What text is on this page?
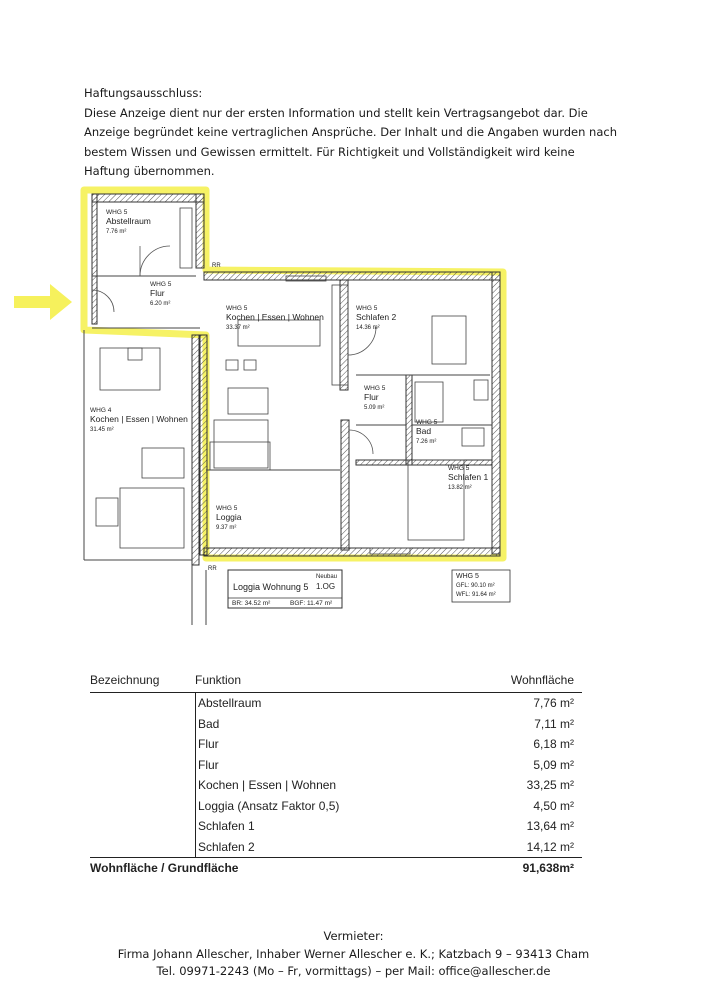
Haftungsausschluss:

Diese Anzeige dient nur der ersten Information und stellt kein Vertragsangebot dar. Die Anzeige begründet keine vertraglichen Ansprüche. Der Inhalt und die Angaben wurden nach bestem Wissen und Gewissen ermittelt. Für Richtigkeit und Vollständigkeit wird keine Haftung übernommen.

WHG 5
Abstellraum
7.76 m²
WHG 5
Flur
6.20 m²
WHG 5
Kochen | Essen | Wohnen
33.37 m²
WHG 5
Schlafen 2
14.36 m²
WHG 5
Flur
5.09 m²
WHG 5
Bad
7.26 m²
WHG 5
Schlafen 1
13.82 m²
WHG 5
Loggia
9.37 m²
WHG 4
Kochen | Essen | Wohnen
31.45 m²
RR
RR
Neubau
Loggia Wohnung 5 1.OG
BR: 34.52 m²	BGF: 11.47 m²
WHG 5
GFL: 90.10 m²
WFL: 91.64 m²
Bezeichnung	Funktion	Wohnfläche
Abstellraum	7,76 m²
Bad	7,11 m²
Flur	6,18 m²
Flur	5,09 m²
Kochen | Essen | Wohnen	33,25 m²
Loggia (Ansatz Faktor 0,5)	4,50 m²
Schlafen 1	13,64 m²
Schlafen 2	14,12 m²
Wohnfläche / Grundfläche	91,638m²

Vermieter:

Firma Johann Allescher, Inhaber Werner Allescher e. K.; Katzbach 9 – 93413 Cham

Tel. 09971-2243 (Mo – Fr, vormittags) – per Mail: office@allescher.de
